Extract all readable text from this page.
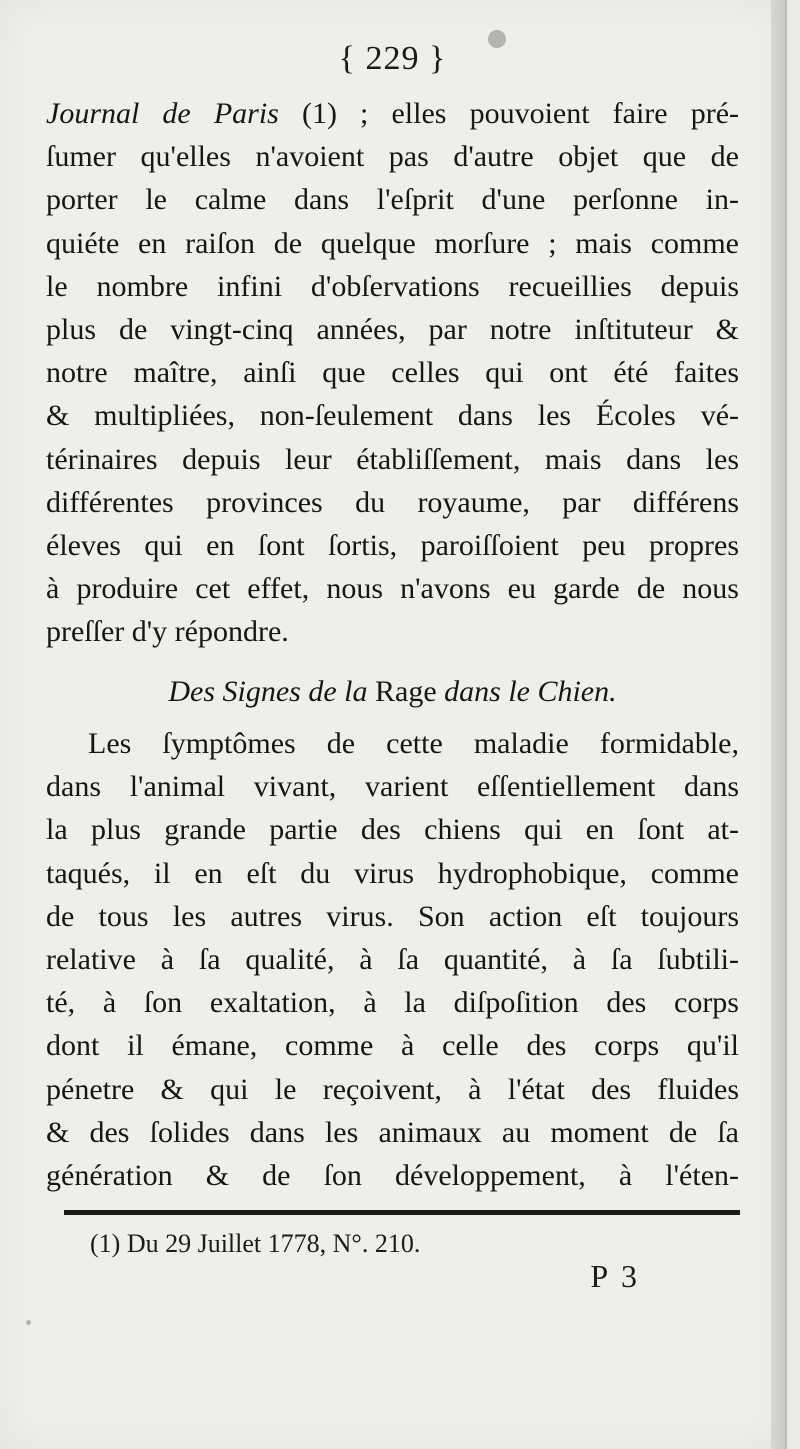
{ 229 }
Journal de Paris (1) ; elles pouvoient faire pré-
ſumer qu'elles n'avoient pas d'autre objet que de
porter le calme dans l'eſprit d'une perſonne in-
quiéte en raiſon de quelque morſure ; mais comme
le nombre infini d'obſervations recueillies depuis
plus de vingt-cinq années, par notre inſtituteur &
notre maître, ainſi que celles qui ont été faites
& multipliées, non-ſeulement dans les Écoles vé-
térinaires depuis leur établiſſement, mais dans les
différentes provinces du royaume, par différens
éleves qui en ſont ſortis, paroiſſoient peu propres
à produire cet effet, nous n'avons eu garde de nous
preſſer d'y répondre.
Des Signes de la Rage dans le Chien.
Les ſymptômes de cette maladie formidable,
dans l'animal vivant, varient eſſentiellement dans
la plus grande partie des chiens qui en ſont at-
taqués, il en eſt du virus hydrophobique, comme
de tous les autres virus. Son action eſt toujours
relative à ſa qualité, à ſa quantité, à ſa ſubtili-
té, à ſon exaltation, à la diſpoſition des corps
dont il émane, comme à celle des corps qu'il
pénetre & qui le reçoivent, à l'état des fluides
& des ſolides dans les animaux au moment de ſa
génération & de ſon développement, à l'éten-
(1) Du 29 Juillet 1778, N°. 210.
P 3
